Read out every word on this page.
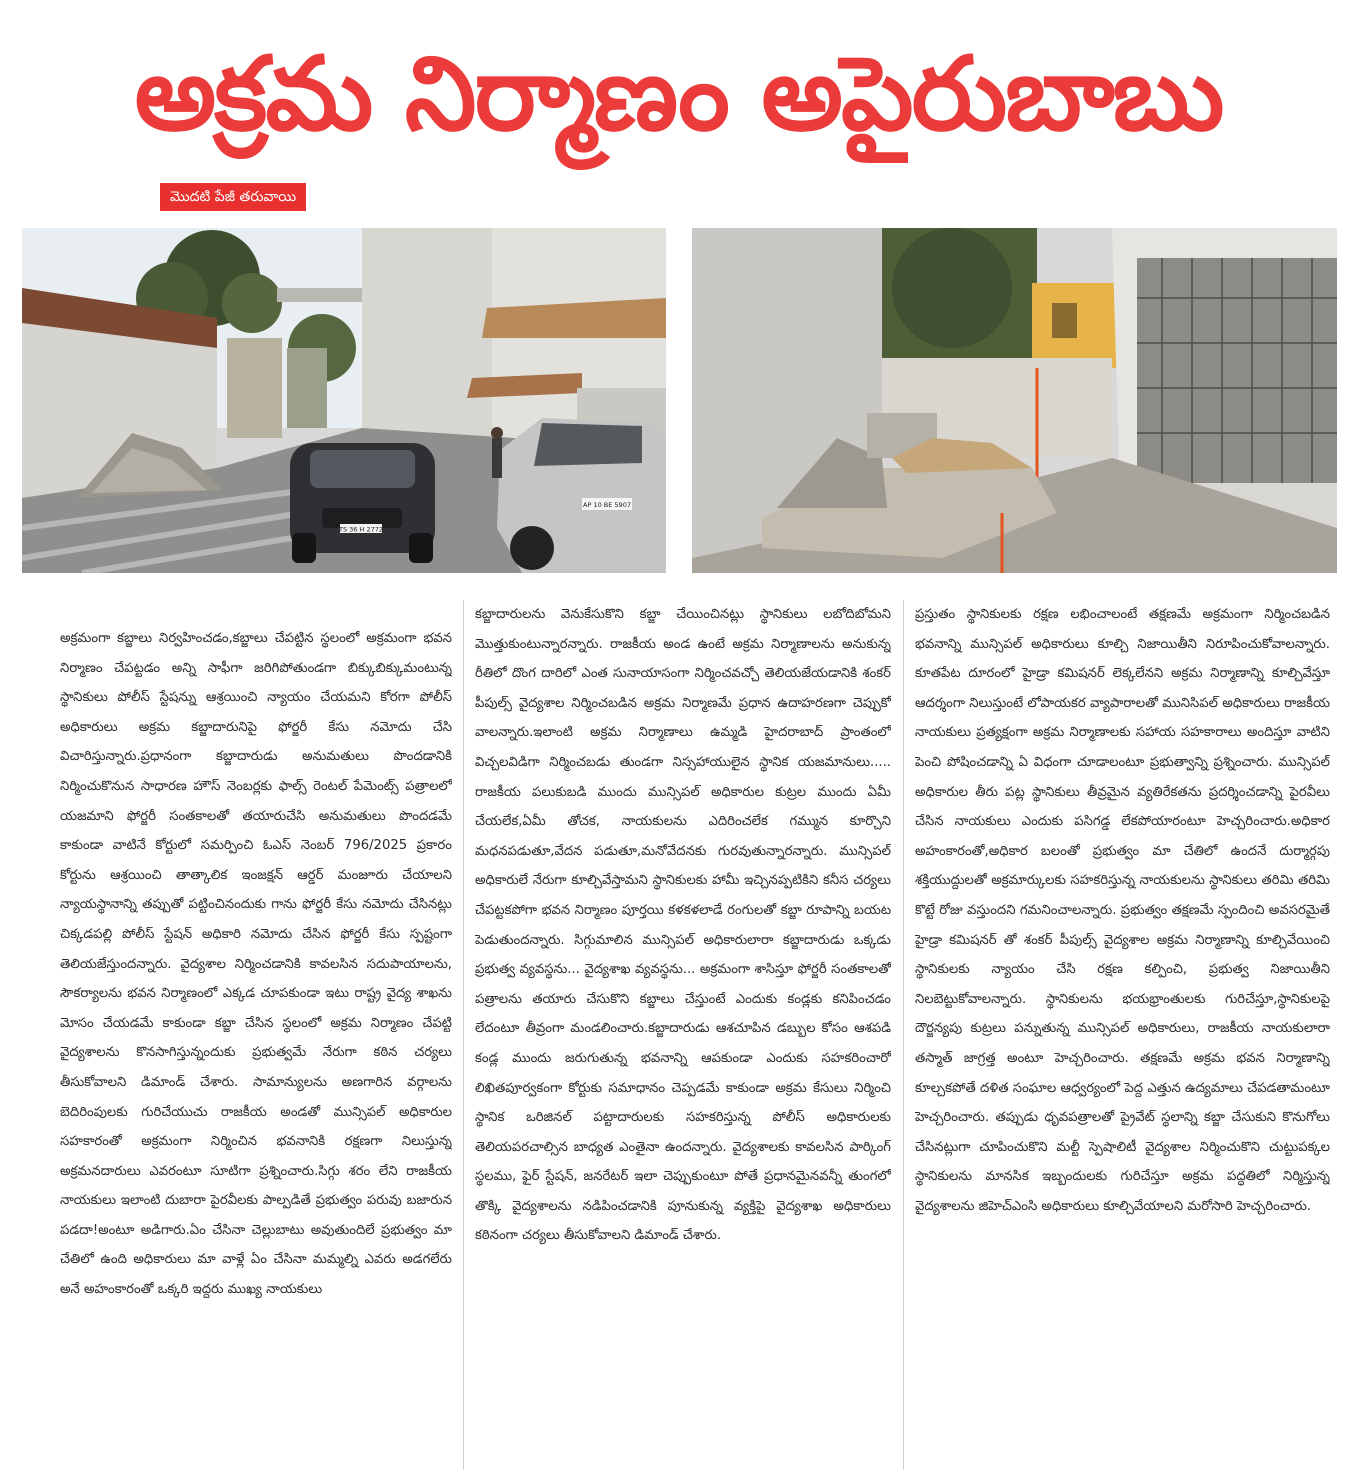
అక్రమ నిర్మాణం అపైరుబాబు
మొదటి పేజీ తరువాయి
TS 36 H 2772
AP 10 BE 5907

అక్రమంగా కబ్జాలు నిర్వహించడం,కబ్జాలు చేపట్టిన స్థలంలో అక్రమంగా భవన నిర్మాణం చేపట్టడం అన్ని సాఫీగా జరిగిపోతుండగా బిక్కుబిక్కుమంటున్న స్థానికులు పోలీస్ స్టేషన్ను ఆశ్రయించి న్యాయం చేయమని కోరగా పోలీస్ అధికారులు అక్రమ కబ్జాదారునిపై ఫోర్జరీ కేసు నమోదు చేసి విచారిస్తున్నారు.ప్రధానంగా కబ్జాదారుడు అనుమతులు పొందడానికి నిర్మించుకొనున సాధారణ హౌస్ నెంబర్లకు ఫాల్స్ రెంటల్ పేమెంట్స్ పత్రాలలో యజమాని ఫోర్జరీ సంతకాలతో తయారుచేసి అనుమతులు పొందడమే కాకుండా వాటినే కోర్టులో సమర్పించి ఓఎస్ నెంబర్ 796/2025 ప్రకారం కోర్టును ఆశ్రయించి తాత్కాలిక ఇంజక్షన్ ఆర్డర్ మంజూరు చేయాలని న్యాయస్థానాన్ని తప్పుతో పట్టించినందుకు గాను ఫోర్జరీ కేసు నమోదు చేసినట్లు చిక్కడపల్లి పోలీస్ స్టేషన్ అధికారి నమోదు చేసిన ఫోర్జరీ కేసు స్పష్టంగా తెలియజేస్తుందన్నారు. వైద్యశాల నిర్మించడానికి కావలసిన సదుపాయాలను, సౌకర్యాలను భవన నిర్మాణంలో ఎక్కడ చూపకుండా ఇటు రాష్ట్ర వైద్య శాఖను మోసం చేయడమే కాకుండా కబ్జా చేసిన స్థలంలో అక్రమ నిర్మాణం చేపట్టి వైద్యశాలను కొనసాగిస్తున్నందుకు ప్రభుత్వమే నేరుగా కఠిన చర్యలు తీసుకోవాలని డిమాండ్ చేశారు. సామాన్యులను అణగారిన వర్గాలను బెదిరింపులకు గురిచేయుచు రాజకీయ అండతో మున్సిపల్ అధికారుల సహకారంతో అక్రమంగా నిర్మించిన భవనానికి రక్షణగా నిలుస్తున్న అక్రమనదారులు ఎవరంటూ సూటిగా ప్రశ్నించారు.సిగ్గు శరం లేని రాజకీయ నాయకులు ఇలాంటి దుబారా పైరవీలకు పాల్పడితే ప్రభుత్వం పరువు బజారున పడదా!అంటూ అడిగారు.ఏం చేసినా చెల్లుబాటు అవుతుందిలే ప్రభుత్వం మా చేతిలో ఉంది అధికారులు మా వాళ్లే ఏం చేసినా మమ్మల్ని ఎవరు అడగలేరు అనే అహంకారంతో ఒక్కరి ఇద్దరు ముఖ్య నాయకులు

కబ్జాదారులను వెనుకేసుకొని కబ్జా చేయించినట్లు స్థానికులు లబోదిబోమని మొత్తుకుంటున్నారన్నారు. రాజకీయ అండ ఉంటే అక్రమ నిర్మాణాలను అనుకున్న రీతిలో దొంగ దారిలో ఎంత సునాయాసంగా నిర్మించవచ్చో తెలియజేయడానికి శంకర్ పీపుల్స్ వైద్యశాల నిర్మించబడిన అక్రమ నిర్మాణమే ప్రధాన ఉదాహరణగా చెప్పుకో వాలన్నారు.ఇలాంటి అక్రమ నిర్మాణాలు ఉమ్మడి హైదరాబాద్ ప్రాంతంలో విచ్చలవిడిగా నిర్మించబడు తుండగా నిస్సహాయులైన స్థానిక యజమానులు..... రాజకీయ పలుకుబడి ముందు మున్సిపల్ అధికారుల కుట్రల ముందు ఏమీ చేయలేక,ఏమీ తోచక, నాయకులను ఎదిరించలేక గమ్మున కూర్చొని మధనపడుతూ,వేదన పడుతూ,మనోవేదనకు గురవుతున్నారన్నారు. మున్సిపల్ అధికారులే నేరుగా కూల్చివేస్తామని స్థానికులకు హామీ ఇచ్చినప్పటికిని కనీస చర్యలు చేపట్టకపోగా భవన నిర్మాణం పూర్తయి కళకళలాడే రంగులతో కబ్జా రూపాన్ని బయట పెడుతుందన్నారు. సిగ్గుమాలిన మున్సిపల్ అధికారులారా కబ్జాదారుడు ఒక్కడు ప్రభుత్వ వ్యవస్థను... వైద్యశాఖ వ్యవస్థను... అక్రమంగా శాసిస్తూ ఫోర్జరీ సంతకాలతో పత్రాలను తయారు చేసుకొని కబ్జాలు చేస్తుంటే ఎందుకు కండ్లకు కనిపించడం లేదంటూ తీవ్రంగా మండలించారు.కబ్జాదారుడు ఆశచూపిన డబ్బుల కోసం ఆశపడి కండ్ల ముందు జరుగుతున్న భవనాన్ని ఆపకుండా ఎందుకు సహకరించారో లిఖితపూర్వకంగా కోర్టుకు సమాధానం చెప్పడమే కాకుండా అక్రమ కేసులు నిర్మించి స్థానిక ఒరిజినల్ పట్టాదారులకు సహకరిస్తున్న పోలీస్ అధికారులకు తెలియపరచాల్సిన బాధ్యత ఎంతైనా ఉందన్నారు. వైద్యశాలకు కావలసిన పార్కింగ్ స్థలము, ఫైర్ స్టేషన్, జనరేటర్ ఇలా చెప్పుకుంటూ పోతే ప్రధానమైనవన్నీ తుంగలో తొక్కి వైద్యశాలను నడిపించడానికి పూనుకున్న వ్యక్తిపై వైద్యశాఖ అధికారులు కఠినంగా చర్యలు తీసుకోవాలని డిమాండ్ చేశారు.

ప్రస్తుతం స్థానికులకు రక్షణ లభించాలంటే తక్షణమే అక్రమంగా నిర్మించబడిన భవనాన్ని మున్సిపల్ అధికారులు కూల్చి నిజాయితీని నిరూపించుకోవాలన్నారు. కూతపేట దూరంలో హైడ్రా కమిషనర్ లెక్కలేనని అక్రమ నిర్మాణాన్ని కూల్చివేస్తూ ఆదర్శంగా నిలుస్తుంటే లోపాయకర వ్యాపారాలతో మునిసిపల్ అధికారులు రాజకీయ నాయకులు ప్రత్యక్షంగా అక్రమ నిర్మాణాలకు సహాయ సహకారాలు అందిస్తూ వాటిని పెంచి పోషించడాన్ని ఏ విధంగా చూడాలంటూ ప్రభుత్వాన్ని ప్రశ్నించారు. మున్సిపల్ అధికారుల తీరు పట్ల స్థానికులు తీవ్రమైన వ్యతిరేకతను ప్రదర్శించడాన్ని పైరవీలు చేసిన నాయకులు ఎందుకు పసిగడ్డ లేకపోయారంటూ హెచ్చరించారు.అధికార అహంకారంతో,అధికార బలంతో ప్రభుత్వం మా చేతిలో ఉందనే దుర్మార్గపు శక్తియుద్దులతో అక్రమార్కులకు సహకరిస్తున్న నాయకులను స్థానికులు తరిమి తరిమి కొట్టే రోజు వస్తుందని గమనించాలన్నారు. ప్రభుత్వం తక్షణమే స్పందించి అవసరమైతే హైడ్రా కమిషనర్ తో శంకర్ పీపుల్స్ వైద్యశాల అక్రమ నిర్మాణాన్ని కూల్చివేయించి స్థానికులకు న్యాయం చేసి రక్షణ కల్పించి, ప్రభుత్వ నిజాయితీని నిలబెట్టుకోవాలన్నారు. స్థానికులను భయభ్రాంతులకు గురిచేస్తూ,స్థానికులపై దౌర్జన్యపు కుట్రలు పన్నుతున్న మున్సిపల్ అధికారులు, రాజకీయ నాయకులారా తస్మాత్ జాగ్రత్త అంటూ హెచ్చరించారు. తక్షణమే అక్రమ భవన నిర్మాణాన్ని కూల్చకపోతే దళిత సంఘాల ఆధ్వర్యంలో పెద్ద ఎత్తున ఉద్యమాలు చేపడతామంటూ హెచ్చరించారు. తప్పుడు ధృవపత్రాలతో ప్రైవేట్ స్థలాన్ని కబ్జా చేసుకుని కొనుగోలు చేసినట్లుగా చూపించుకొని మల్టీ స్పెషాలిటీ వైద్యశాల నిర్మించుకొని చుట్టుపక్కల స్థానికులను మానసిక ఇబ్బందులకు గురిచేస్తూ అక్రమ పద్ధతిలో నిర్మిస్తున్న వైద్యశాలను జిహెచ్ఎంసి అధికారులు కూల్చివేయాలని మరోసారి హెచ్చరించారు.
